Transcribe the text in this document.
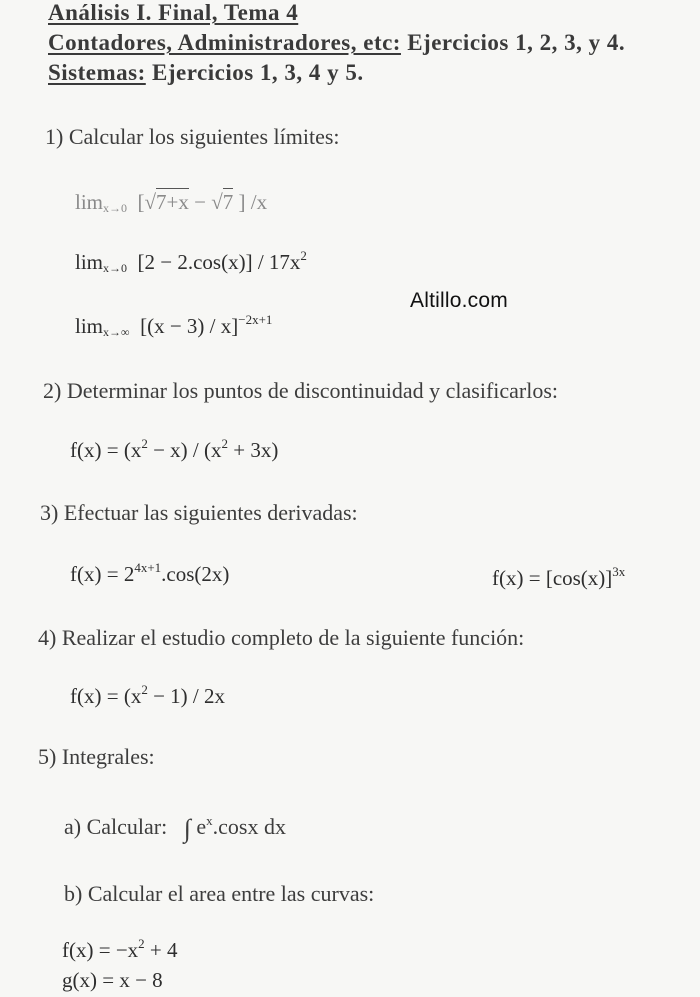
Análisis I. Final, Tema 4
Contadores, Administradores, etc: Ejercicios 1, 2, 3, y 4.
Sistemas: Ejercicios 1, 3, 4 y 5.
1) Calcular los siguientes límites:
$\lim_{x\to 0} [√7+x - √7$ ] /x
$\lim_{x\to 0} [2 - 2.\cos(x)] / 17x^2$
Altillo.com
$\lim_{x\to\infty} [(x - 3) / x]^{-2x+1}$
2) Determinar los puntos de discontinuidad y clasificarlos:
$f(x) = (x^2 - x) / (x^2 + 3x)$
3) Efectuar las siguientes derivadas:
$f(x) = 2^{4x+1}.\cos(2x)$	$f(x) = [\cos(x)]^{3x}$
4) Realizar el estudio completo de la siguiente función:
$f(x) = (x^2 - 1) / 2x$
5) Integrales:
a) Calcular: ∫ $e^x.\cos x$ dx
b) Calcular el area entre las curvas:
$f(x) = -x^2 + 4$
g(x) = x − 8
